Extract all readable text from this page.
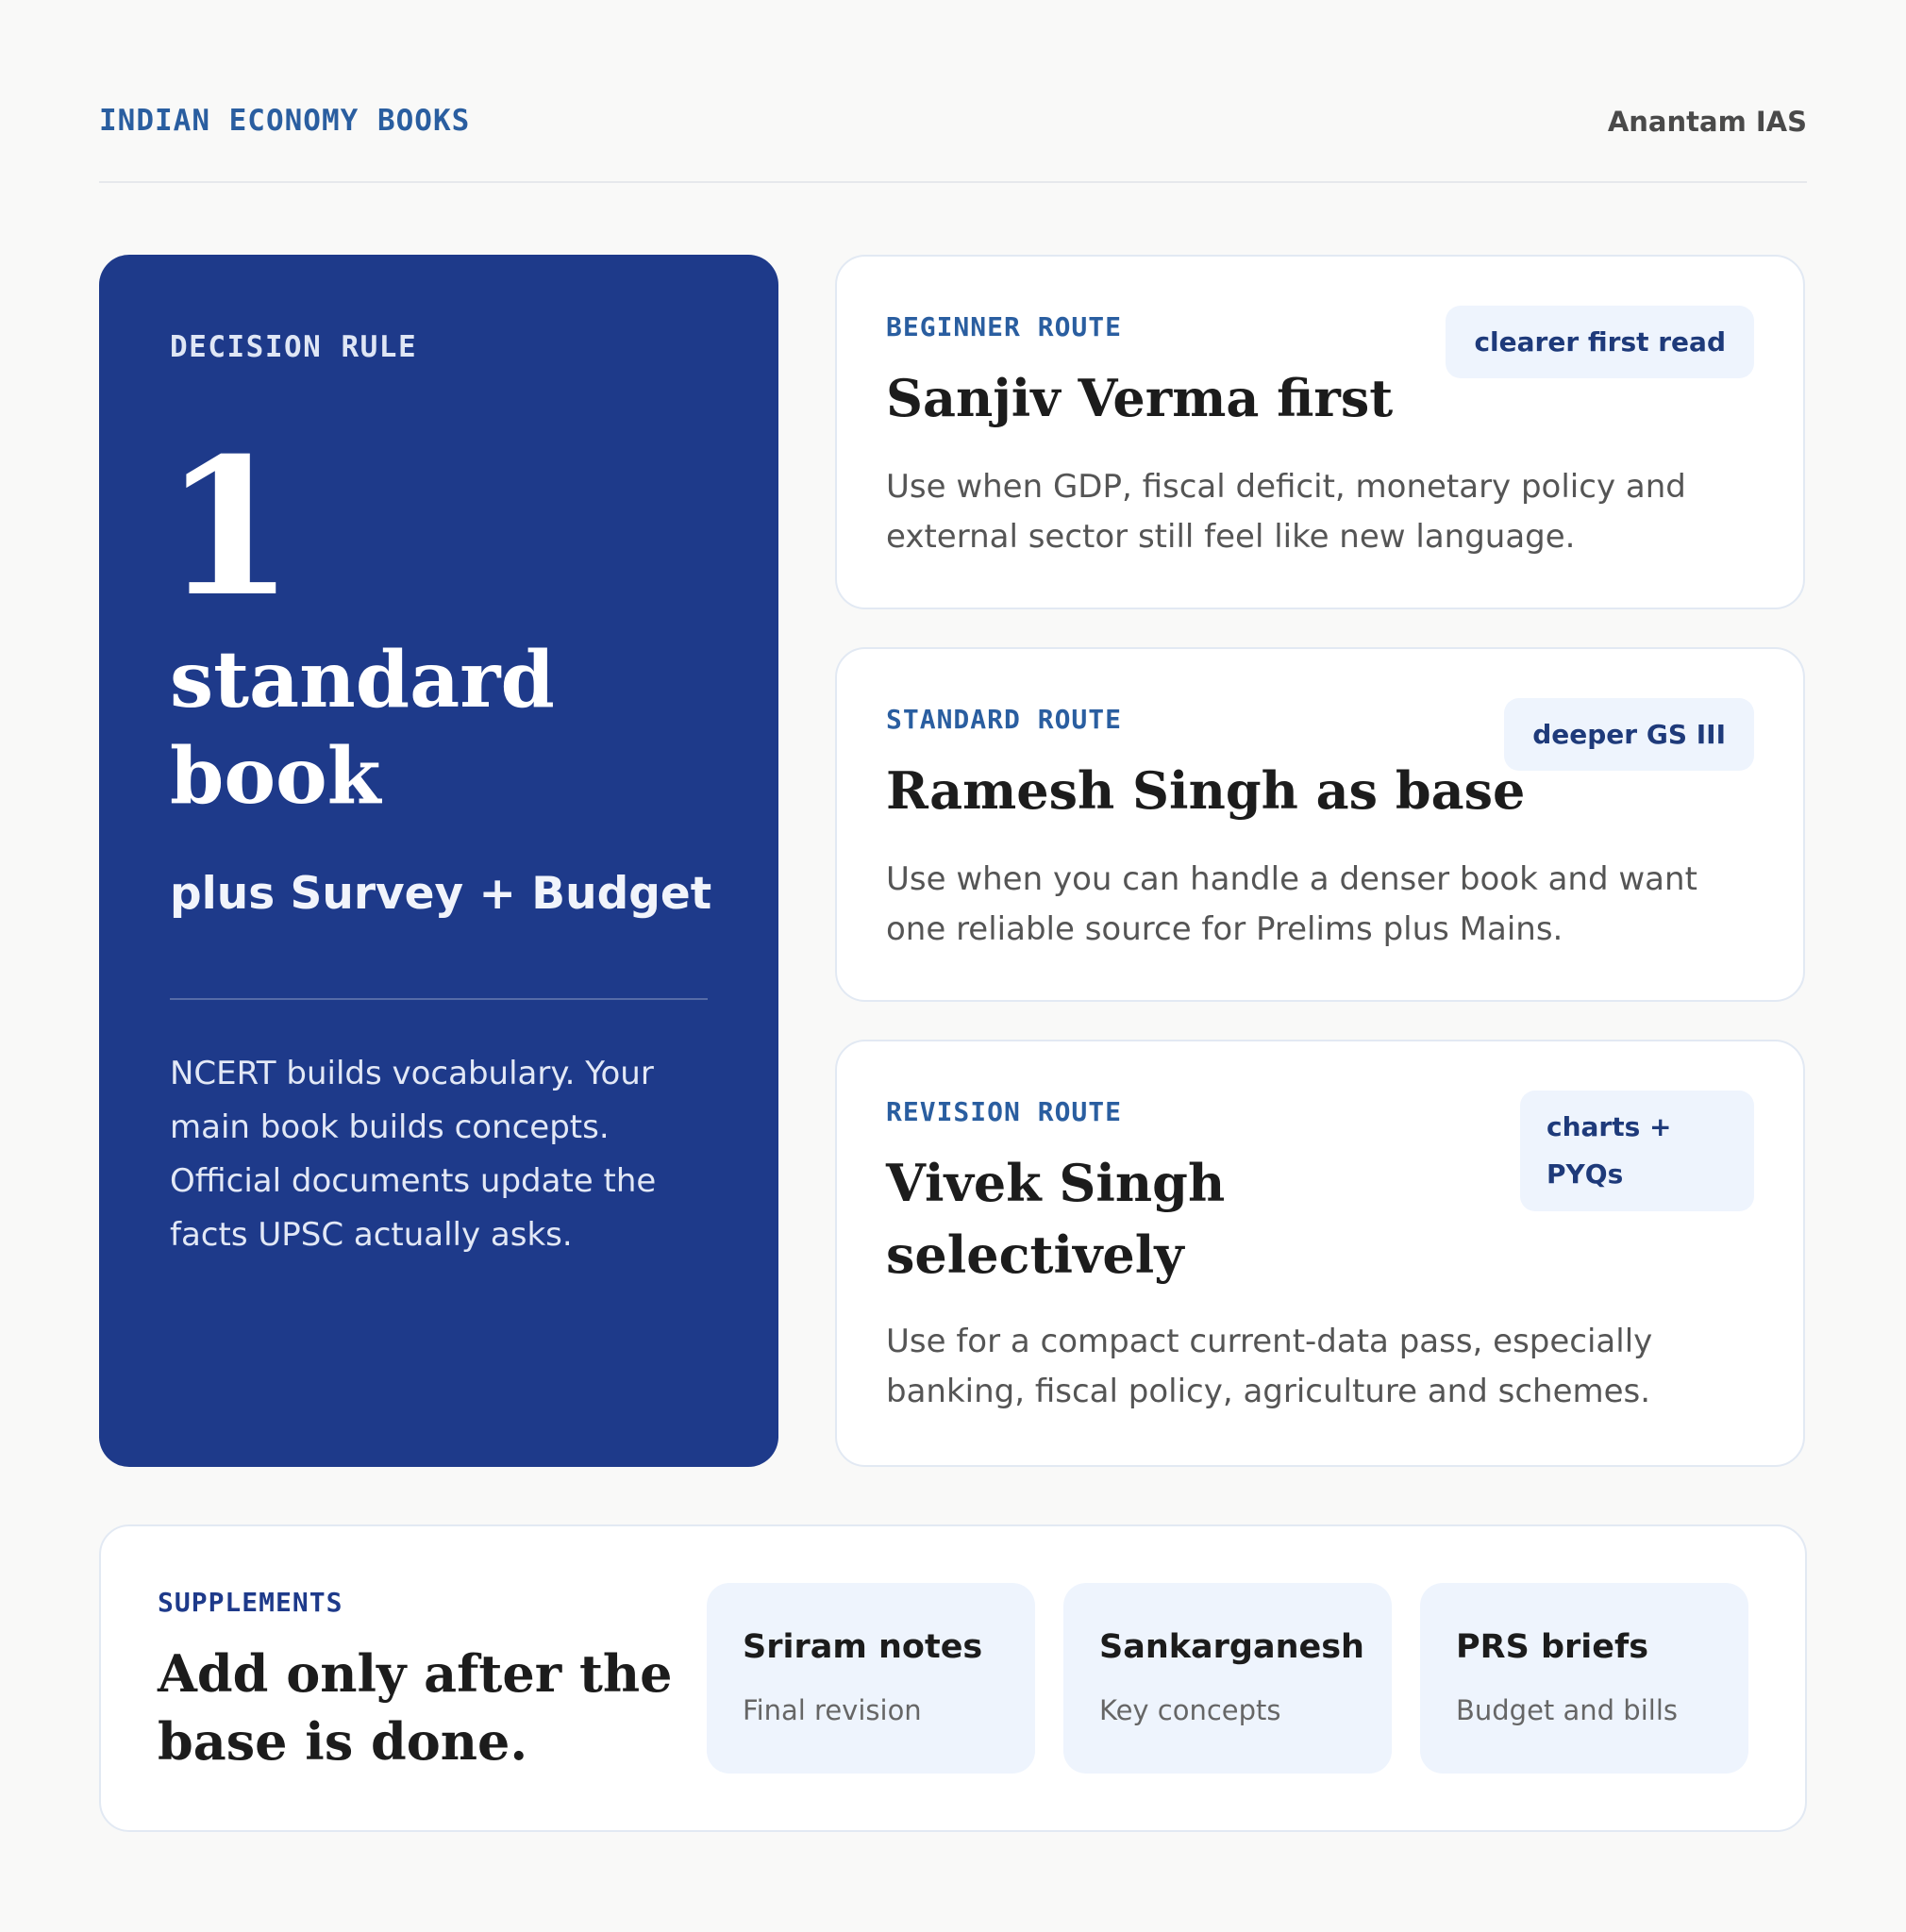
INDIAN ECONOMY BOOKS	Anantam IAS
DECISION RULE
1
standard
book
plus Survey + Budget
NCERT builds vocabulary. Your main book builds concepts. Official documents update the facts UPSC actually asks.
BEGINNER ROUTE	clearer first read
Sanjiv Verma first
Use when GDP, fiscal deficit, monetary policy and external sector still feel like new language.
STANDARD ROUTE	deeper GS III
Ramesh Singh as base
Use when you can handle a denser book and want one reliable source for Prelims plus Mains.
REVISION ROUTE	charts +
PYQs
Vivek Singh
selectively
Use for a compact current-data pass, especially banking, fiscal policy, agriculture and schemes.
SUPPLEMENTS
Add only after the
base is done.
Sriram notes
Final revision
Sankarganesh
Key concepts
PRS briefs
Budget and bills
